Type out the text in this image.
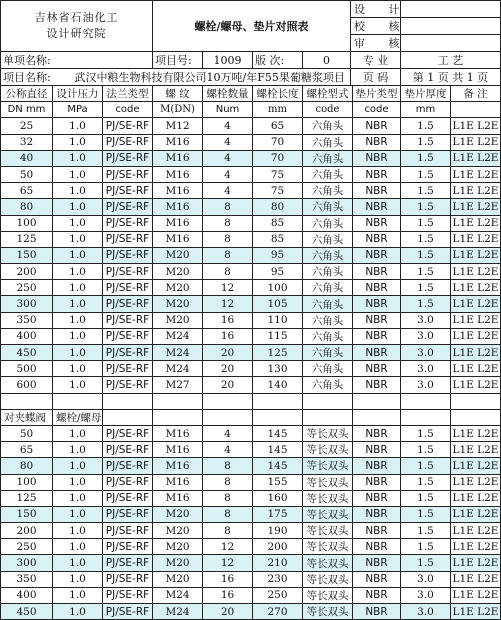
吉林省石油化工
设计研究院	螺栓/螺母、垫片对照表	设 计	
		校 核	
		审 核	
单项名称:	项目号:	1009	版 次:	0	专 业	工 艺
项目名称:	武汉中粮生物科技有限公司10万吨/年F55果葡糖浆项目				页 码	第 1 页 共 1 页
公称直径	设计压力	法兰类型	螺 纹	螺栓数量	螺栓长度	螺栓型式	垫片类型	垫片厚度	备 注
DN mm	MPa	code	M(DN)	Num	mm	code	code	mm	
25	1.0	PJ/SE-RF	M12	4	65	六角头	NBR	1.5	L1E L2E
32	1.0	PJ/SE-RF	M16	4	70	六角头	NBR	1.5	L1E L2E
40	1.0	PJ/SE-RF	M16	4	70	六角头	NBR	1.5	L1E L2E
50	1.0	PJ/SE-RF	M16	4	75	六角头	NBR	1.5	L1E L2E
65	1.0	PJ/SE-RF	M16	4	75	六角头	NBR	1.5	L1E L2E
80	1.0	PJ/SE-RF	M16	8	80	六角头	NBR	1.5	L1E L2E
100	1.0	PJ/SE-RF	M16	8	85	六角头	NBR	1.5	L1E L2E
125	1.0	PJ/SE-RF	M16	8	85	六角头	NBR	1.5	L1E L2E
150	1.0	PJ/SE-RF	M20	8	95	六角头	NBR	1.5	L1E L2E
200	1.0	PJ/SE-RF	M20	8	95	六角头	NBR	1.5	L1E L2E
250	1.0	PJ/SE-RF	M20	12	100	六角头	NBR	1.5	L1E L2E
300	1.0	PJ/SE-RF	M20	12	105	六角头	NBR	1.5	L1E L2E
350	1.0	PJ/SE-RF	M20	16	110	六角头	NBR	3.0	L1E L2E
400	1.0	PJ/SE-RF	M24	16	115	六角头	NBR	3.0	L1E L2E
450	1.0	PJ/SE-RF	M24	20	125	六角头	NBR	3.0	L1E L2E
500	1.0	PJ/SE-RF	M24	20	130	六角头	NBR	3.0	L1E L2E
600	1.0	PJ/SE-RF	M27	20	140	六角头	NBR	3.0	L1E L2E

对夹蝶阀	螺栓/螺母								
50	1.0	PJ/SE-RF	M16	4	145	等长双头	NBR	1.5	L1E L2E
65	1.0	PJ/SE-RF	M16	4	145	等长双头	NBR	1.5	L1E L2E
80	1.0	PJ/SE-RF	M16	8	145	等长双头	NBR	1.5	L1E L2E
100	1.0	PJ/SE-RF	M16	8	155	等长双头	NBR	1.5	L1E L2E
125	1.0	PJ/SE-RF	M16	8	160	等长双头	NBR	1.5	L1E L2E
150	1.0	PJ/SE-RF	M20	8	175	等长双头	NBR	1.5	L1E L2E
200	1.0	PJ/SE-RF	M20	8	190	等长双头	NBR	1.5	L1E L2E
250	1.0	PJ/SE-RF	M20	12	200	等长双头	NBR	1.5	L1E L2E
300	1.0	PJ/SE-RF	M20	12	210	等长双头	NBR	1.5	L1E L2E
350	1.0	PJ/SE-RF	M20	16	230	等长双头	NBR	3.0	L1E L2E
400	1.0	PJ/SE-RF	M24	16	250	等长双头	NBR	3.0	L1E L2E
450	1.0	PJ/SE-RF	M24	20	270	等长双头	NBR	3.0	L1E L2E
